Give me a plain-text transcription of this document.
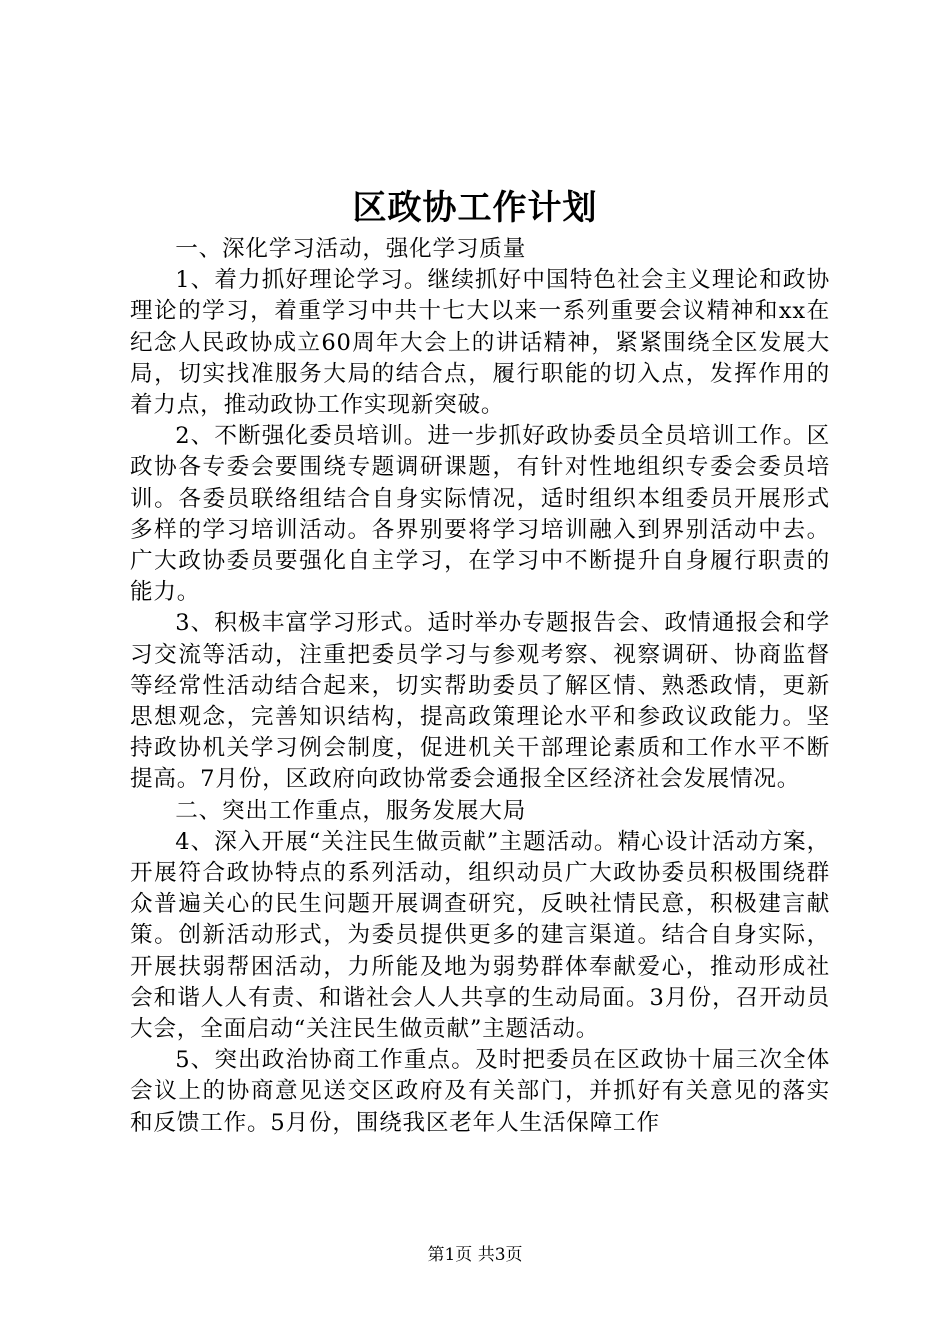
区政协工作计划

一、深化学习活动，强化学习质量

1、着力抓好理论学习。继续抓好中国特色社会主义理论和政协理论的学习，着重学习中共十七大以来一系列重要会议精神和xx在纪念人民政协成立60周年大会上的讲话精神，紧紧围绕全区发展大局，切实找准服务大局的结合点，履行职能的切入点，发挥作用的着力点，推动政协工作实现新突破。

2、不断强化委员培训。进一步抓好政协委员全员培训工作。区政协各专委会要围绕专题调研课题，有针对性地组织专委会委员培训。各委员联络组结合自身实际情况，适时组织本组委员开展形式多样的学习培训活动。各界别要将学习培训融入到界别活动中去。广大政协委员要强化自主学习，在学习中不断提升自身履行职责的能力。

3、积极丰富学习形式。适时举办专题报告会、政情通报会和学习交流等活动，注重把委员学习与参观考察、视察调研、协商监督等经常性活动结合起来，切实帮助委员了解区情、熟悉政情，更新思想观念，完善知识结构，提高政策理论水平和参政议政能力。坚持政协机关学习例会制度，促进机关干部理论素质和工作水平不断提高。7月份，区政府向政协常委会通报全区经济社会发展情况。

二、突出工作重点，服务发展大局

4、深入开展“关注民生做贡献”主题活动。精心设计活动方案，开展符合政协特点的系列活动，组织动员广大政协委员积极围绕群众普遍关心的民生问题开展调查研究，反映社情民意，积极建言献策。创新活动形式，为委员提供更多的建言渠道。结合自身实际，开展扶弱帮困活动，力所能及地为弱势群体奉献爱心，推动形成社会和谐人人有责、和谐社会人人共享的生动局面。3月份，召开动员大会，全面启动“关注民生做贡献”主题活动。

5、突出政治协商工作重点。及时把委员在区政协十届三次全体会议上的协商意见送交区政府及有关部门，并抓好有关意见的落实和反馈工作。5月份，围绕我区老年人生活保障工作

第1页 共3页
